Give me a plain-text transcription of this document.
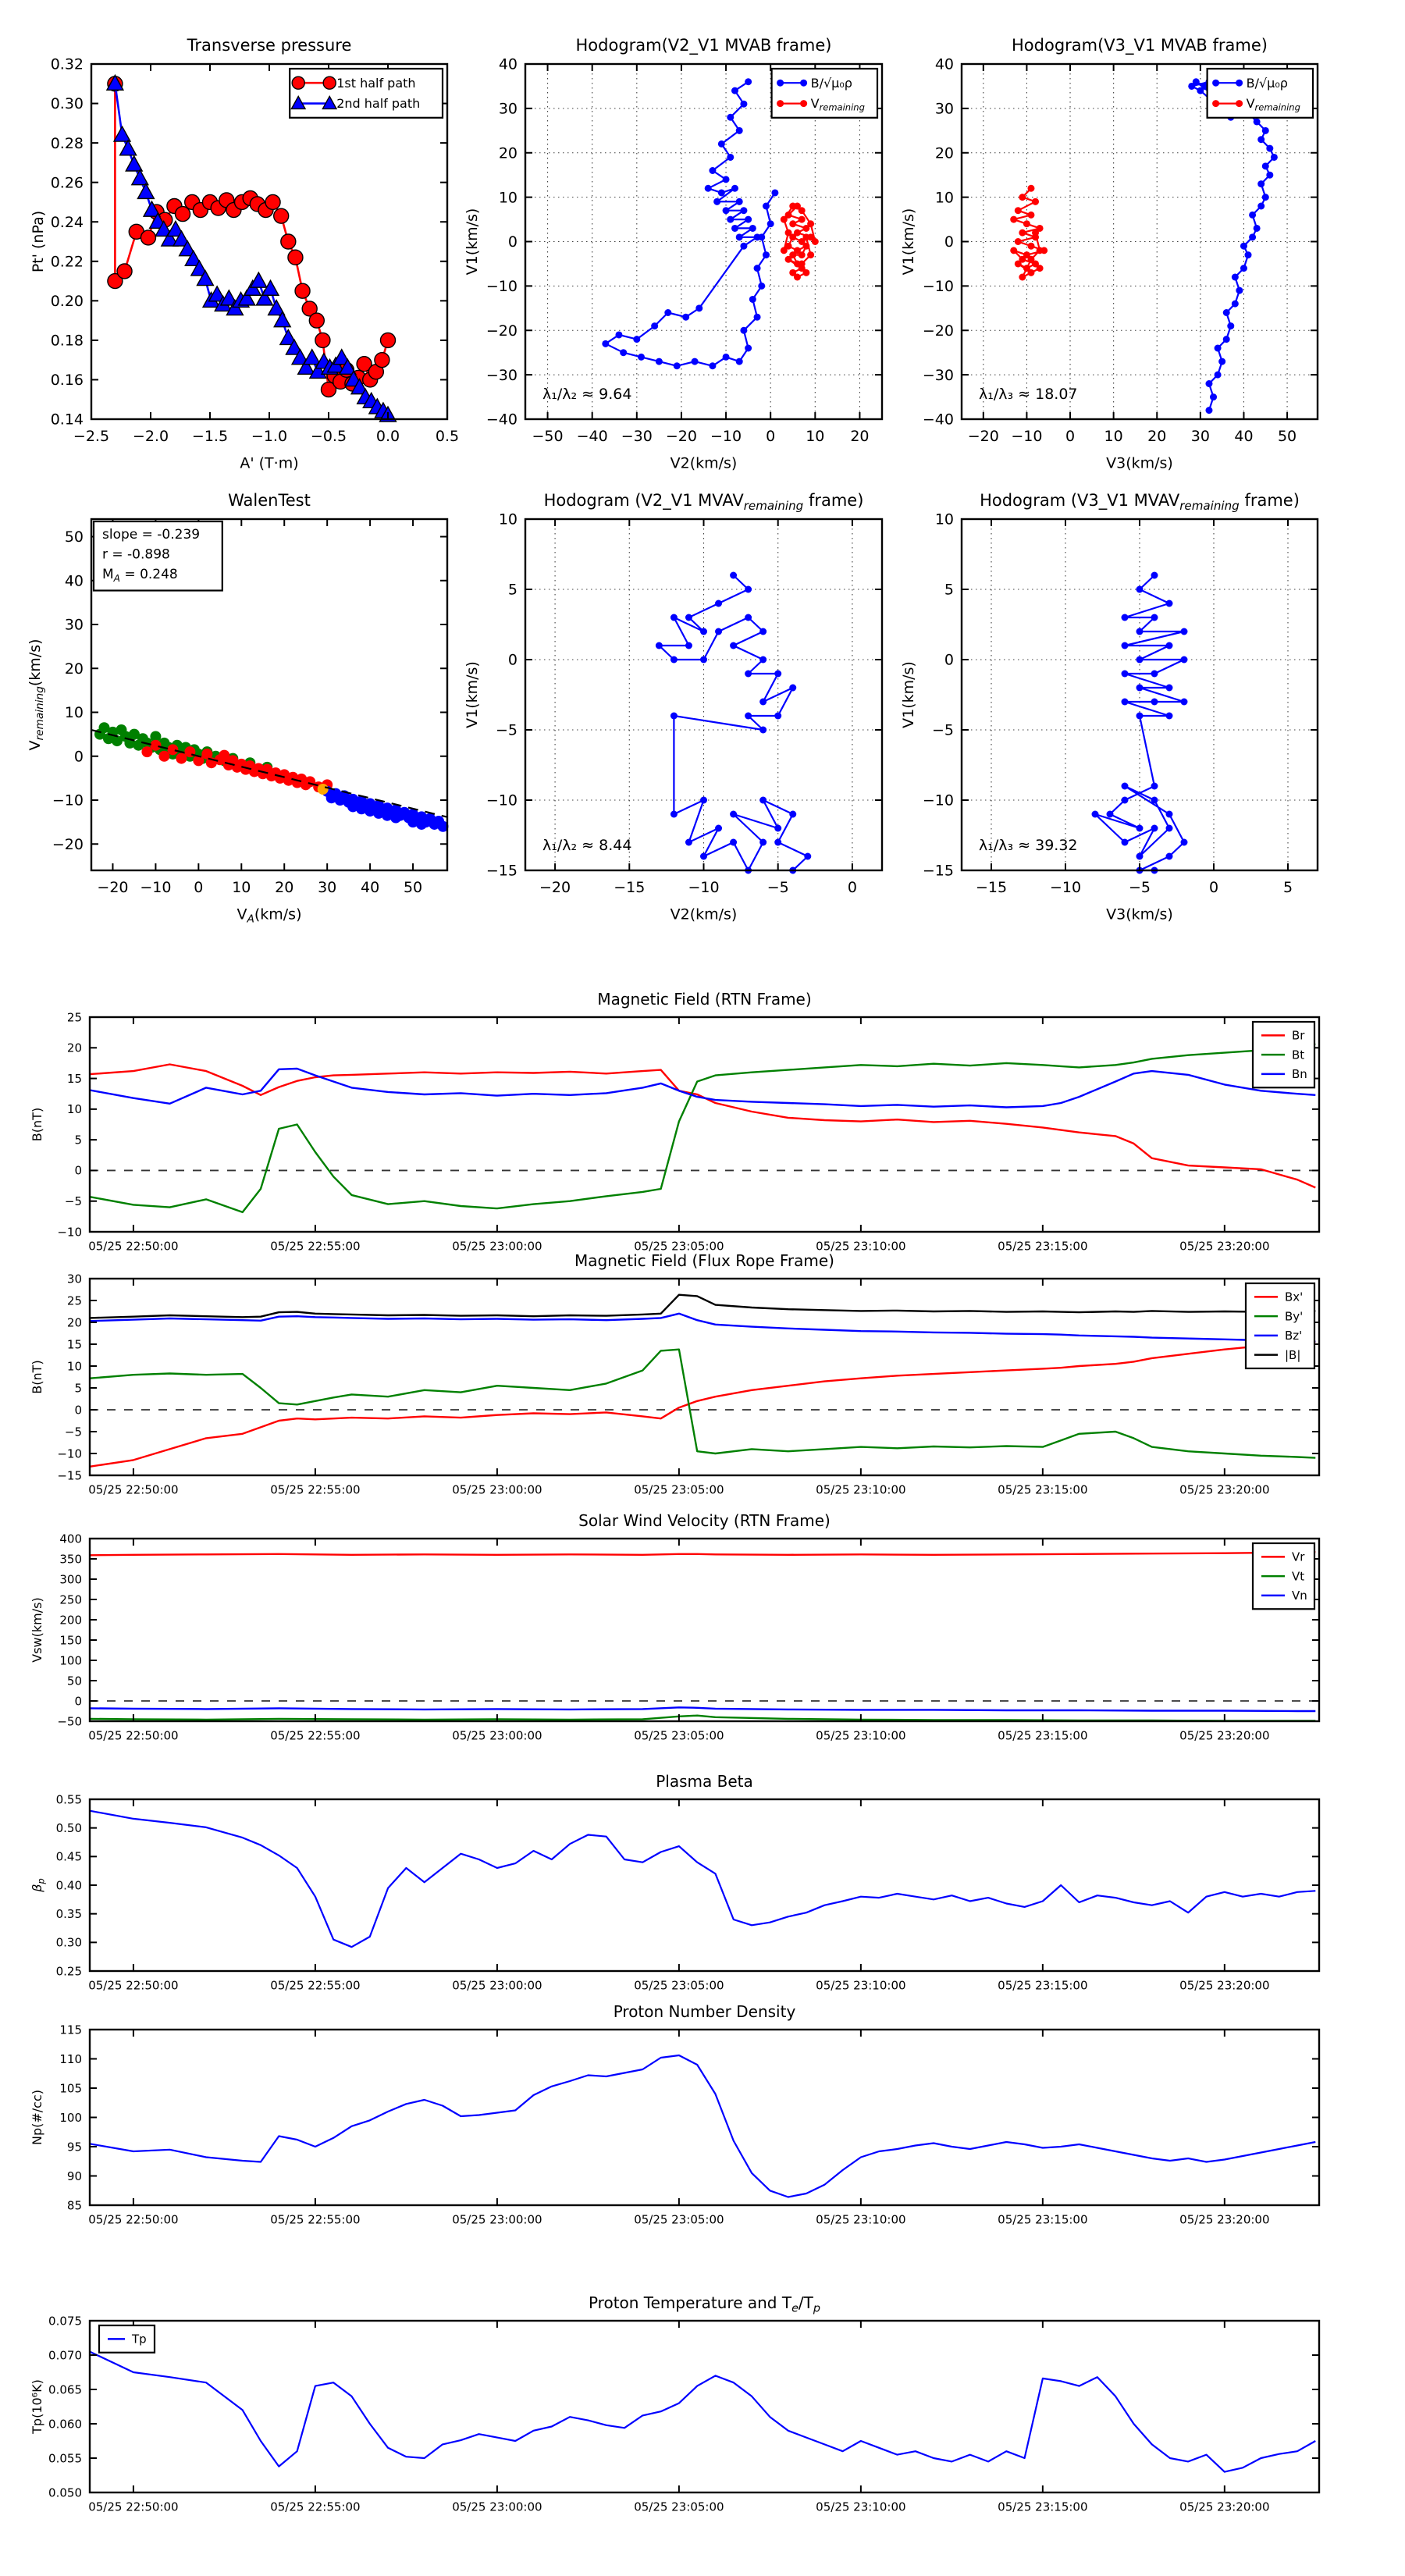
−2.5 −2.0 −1.5 −1.0 −0.5 0.0 0.5
0.14
0.16
0.18
0.20
0.22
0.24
0.26
0.28
0.30
0.32
Transverse pressure
A' (T·m)
Pt' (nPa)
1st half path
2nd half path
−50 −40 −30 −20 −10 0 10 20
−40
−30
−20
−10
0
10
20
30
40
Hodogram(V2_V1 MVAB frame)
V2(km/s)
V1(km/s)
λ₁/λ₂ ≈ 9.64
B/√μ₀ρ
$V_{remaining}$
−20 −10 0 10 20 30 40 50
−40
−30
−20
−10
0
10
20
30
40
Hodogram(V3_V1 MVAB frame)
V3(km/s)
V1(km/s)
λ₁/λ₃ ≈ 18.07
B/√μ₀ρ
$V_{remaining}$
−20 −10 0 10 20 30 40 50
−20
−10
0
10
20
30
40
50
WalenTest
$V_A(km/s)$
$V_{remaining}(km/s)$
slope = -0.239
r = -0.898
$M_A = 0.248$
−20	−15	−10	−5	0
−15
−10
−5
0
5
10
Hodogram (V2_V1 $MVAV_{remaining}$ frame)
V2(km/s)
V1(km/s)
λ₁/λ₂ ≈ 8.44
−15	−10	−5	0	5
−15
−10
−5
0
5
10
Hodogram (V3_V1 $MVAV_{remaining}$ frame)
V3(km/s)
V1(km/s)
λ₁/λ₃ ≈ 39.32
05/25 22:50:00	05/25 22:55:00	05/25 23:00:00	05/25 23:05:00	05/25 23:10:00	05/25 23:15:00	05/25 23:20:00
−10
−5
0
5
10
15
20
25
Magnetic Field (RTN Frame)
B(nT)
Br
Bt
Bn
05/25 22:50:00	05/25 22:55:00	05/25 23:00:00	05/25 23:05:00	05/25 23:10:00	05/25 23:15:00	05/25 23:20:00
−15
−10
−5
0
5
10
15
20
25
30
Magnetic Field (Flux Rope Frame)
B(nT)
Bx'
By'
Bz'
|B|
05/25 22:50:00	05/25 22:55:00	05/25 23:00:00	05/25 23:05:00	05/25 23:10:00	05/25 23:15:00	05/25 23:20:00
−50
0
50
100
150
200
250
300
350
400
Solar Wind Velocity (RTN Frame)
Vsw(km/s)
Vr
Vt
Vn
05/25 22:50:00	05/25 22:55:00	05/25 23:00:00	05/25 23:05:00	05/25 23:10:00	05/25 23:15:00	05/25 23:20:00
0.25
0.30
0.35
0.40
0.45
0.50
0.55
Plasma Beta
$\beta_p$
05/25 22:50:00	05/25 22:55:00	05/25 23:00:00	05/25 23:05:00	05/25 23:10:00	05/25 23:15:00	05/25 23:20:00
85
90
95
100
105
110
115
Proton Number Density
Np(#/cc)
05/25 22:50:00	05/25 22:55:00	05/25 23:00:00	05/25 23:05:00	05/25 23:10:00	05/25 23:15:00	05/25 23:20:00
0.050
0.055
0.060
0.065
0.070
0.075
Proton Temperature and $T_e/T_p$
Tp(10⁶K)
Tp
